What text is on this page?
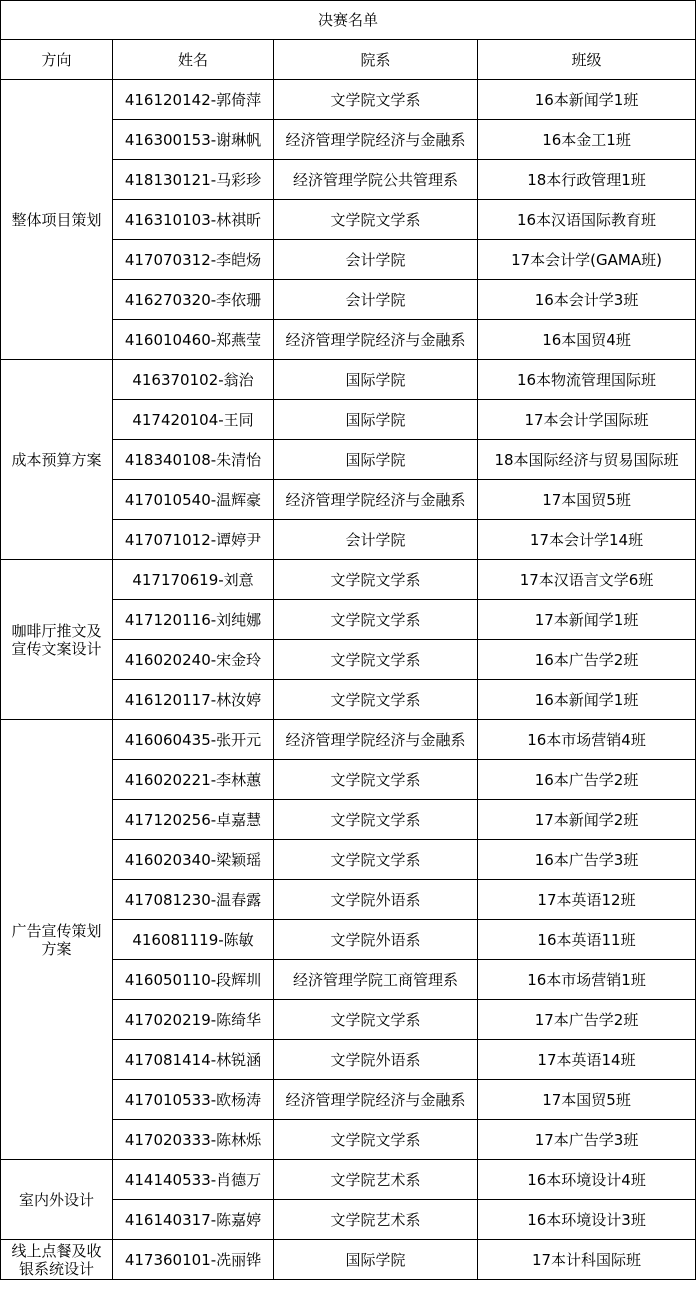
决赛名单			
方向	姓名	院系	班级
整体项目策划	416120142-郭倚萍	文学院文学系	16本新闻学1班
	416300153-谢琳帆	经济管理学院经济与金融系	16本金工1班
	418130121-马彩珍	经济管理学院公共管理系	18本行政管理1班
	416310103-林祺昕	文学院文学系	16本汉语国际教育班
	417070312-李皑炀	会计学院	17本会计学(GAMA班)
	416270320-李依珊	会计学院	16本会计学3班
	416010460-郑燕莹	经济管理学院经济与金融系	16本国贸4班
成本预算方案	416370102-翁治	国际学院	16本物流管理国际班
	417420104-王同	国际学院	17本会计学国际班
	418340108-朱清怡	国际学院	18本国际经济与贸易国际班
	417010540-温辉豪	经济管理学院经济与金融系	17本国贸5班
	417071012-谭婷尹	会计学院	17本会计学14班
咖啡厅推文及宣传文案设计	417170619-刘意	文学院文学系	17本汉语言文学6班
	417120116-刘纯娜	文学院文学系	17本新闻学1班
	416020240-宋金玲	文学院文学系	16本广告学2班
	416120117-林汝婷	文学院文学系	16本新闻学1班
广告宣传策划方案	416060435-张开元	经济管理学院经济与金融系	16本市场营销4班
	416020221-李林蕙	文学院文学系	16本广告学2班
	417120256-卓嘉慧	文学院文学系	17本新闻学2班
	416020340-梁颖瑶	文学院文学系	16本广告学3班
	417081230-温春露	文学院外语系	17本英语12班
	416081119-陈敏	文学院外语系	16本英语11班
	416050110-段辉圳	经济管理学院工商管理系	16本市场营销1班
	417020219-陈绮华	文学院文学系	17本广告学2班
	417081414-林锐涵	文学院外语系	17本英语14班
	417010533-欧杨涛	经济管理学院经济与金融系	17本国贸5班
	417020333-陈林烁	文学院文学系	17本广告学3班
室内外设计	414140533-肖德万	文学院艺术系	16本环境设计4班
	416140317-陈嘉婷	文学院艺术系	16本环境设计3班
线上点餐及收银系统设计	417360101-冼丽铧	国际学院	17本计科国际班
